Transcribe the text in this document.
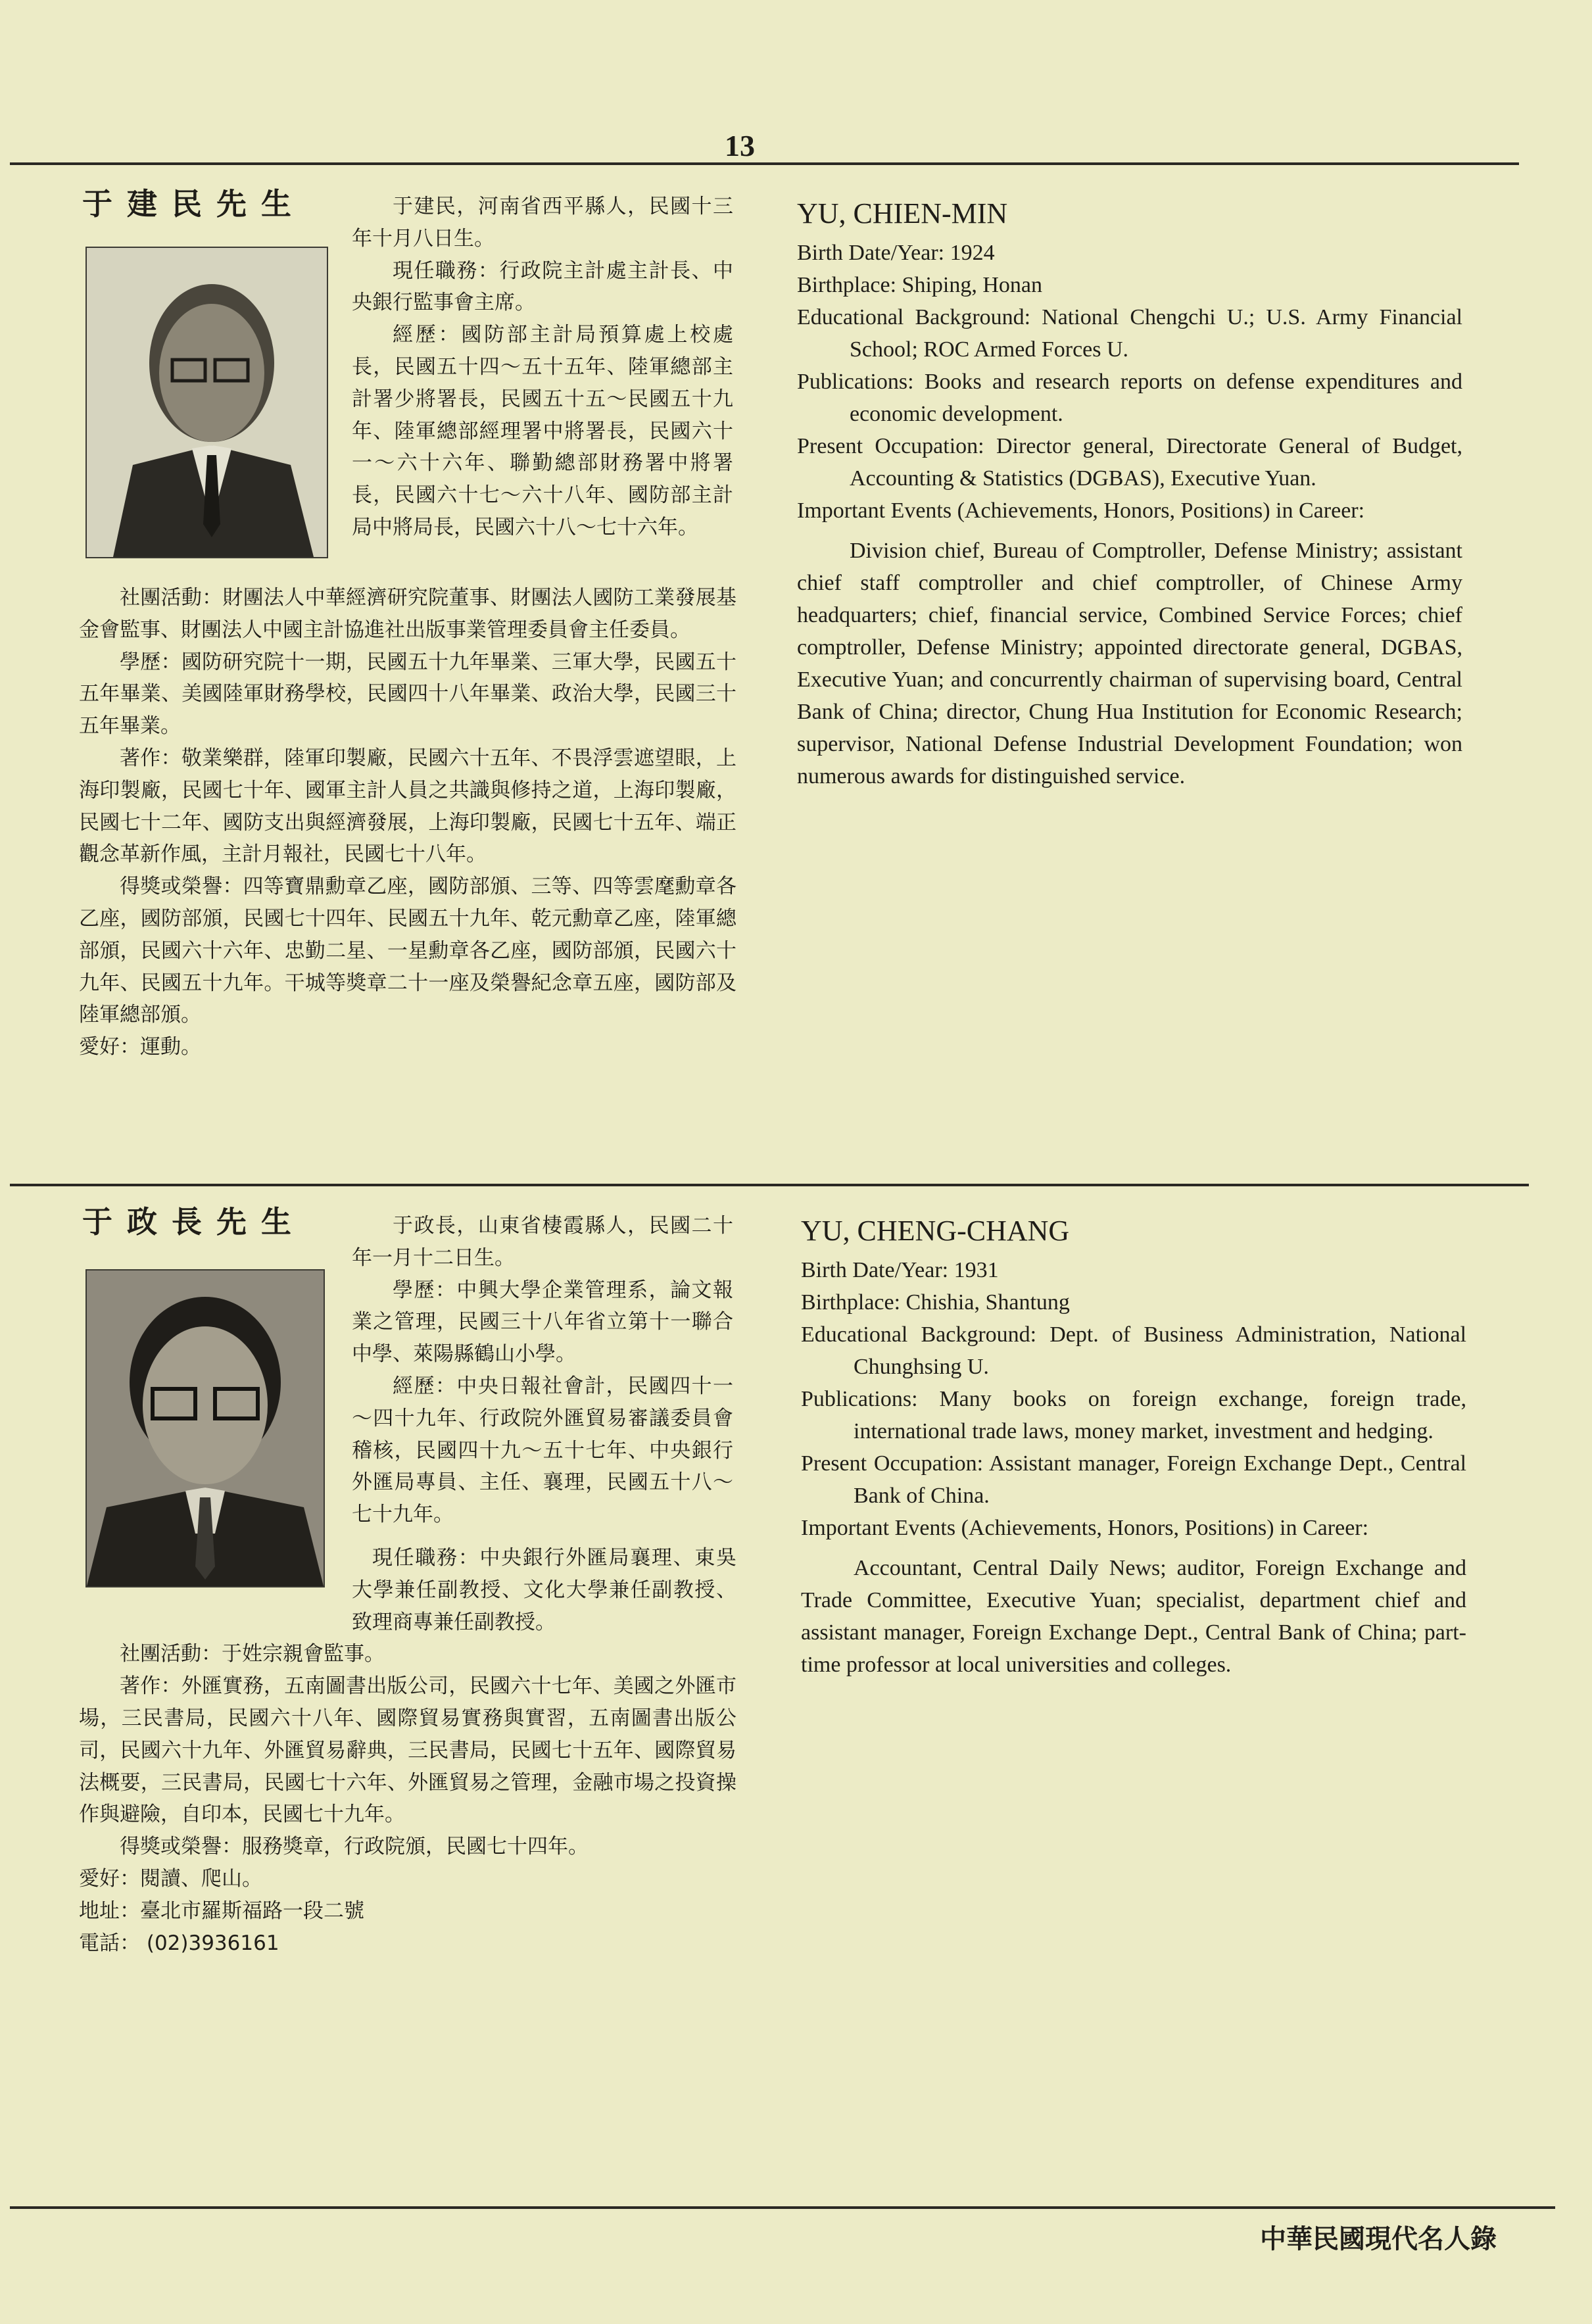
13
于建民先生	于建民，河南省西平縣人，民國十三年十月八日生。

現任職務：行政院主計處主計長、中央銀行監事會主席。

經歷：國防部主計局預算處上校處長，民國五十四～五十五年、陸軍總部主計署少將署長，民國五十五～民國五十九年、陸軍總部經理署中將署長，民國六十一～六十六年、聯勤總部財務署中將署長，民國六十七～六十八年、國防部主計局中將局長，民國六十八～七十六年。

社團活動：財團法人中華經濟研究院董事、財團法人國防工業發展基金會監事、財團法人中國主計協進社出版事業管理委員會主任委員。

學歷：國防研究院十一期，民國五十九年畢業、三軍大學，民國五十五年畢業、美國陸軍財務學校，民國四十八年畢業、政治大學，民國三十五年畢業。

著作：敬業樂群，陸軍印製廠，民國六十五年、不畏浮雲遮望眼，上海印製廠，民國七十年、國軍主計人員之共識與修持之道，上海印製廠，民國七十二年、國防支出與經濟發展，上海印製廠，民國七十五年、端正觀念革新作風，主計月報社，民國七十八年。

得獎或榮譽：四等寶鼎勳章乙座，國防部頒、三等、四等雲麾勳章各乙座，國防部頒，民國七十四年、民國五十九年、乾元勳章乙座，陸軍總部頒，民國六十六年、忠勤二星、一星勳章各乙座，國防部頒，民國六十九年、民國五十九年。干城等獎章二十一座及榮譽紀念章五座，國防部及陸軍總部頒。

愛好：運動。

YU, CHIEN-MIN

Birth Date/Year: 1924

Birthplace: Shiping, Honan

Educational Background: National Chengchi U.; U.S. Army Financial School; ROC Armed Forces U.

Publications: Books and research reports on defense expenditures and economic development.

Present Occupation: Director general, Directorate General of Budget, Accounting & Statistics (DGBAS), Executive Yuan.

Important Events (Achievements, Honors, Positions) in Career:

Division chief, Bureau of Comptroller, Defense Ministry; assistant chief staff comptroller and chief comptroller, of Chinese Army headquarters; chief, financial service, Combined Service Forces; chief comptroller, Defense Ministry; appointed directorate general, DGBAS, Executive Yuan; and concurrently chairman of supervising board, Central Bank of China; director, Chung Hua Institution for Economic Research; supervisor, National Defense Industrial Development Foundation; won numerous awards for distinguished service.

于政長先生	于政長，山東省棲霞縣人，民國二十年一月十二日生。

學歷：中興大學企業管理系，論文報業之管理，民國三十八年省立第十一聯合中學、萊陽縣鶴山小學。

經歷：中央日報社會計，民國四十一～四十九年、行政院外匯貿易審議委員會稽核，民國四十九～五十七年、中央銀行外匯局專員、主任、襄理，民國五十八～七十九年。

現任職務：中央銀行外匯局襄理、東吳大學兼任副教授、文化大學兼任副教授、致理商專兼任副教授。

社團活動：于姓宗親會監事。

著作：外匯實務，五南圖書出版公司，民國六十七年、美國之外匯市場，三民書局，民國六十八年、國際貿易實務與實習，五南圖書出版公司，民國六十九年、外匯貿易辭典，三民書局，民國七十五年、國際貿易法概要，三民書局，民國七十六年、外匯貿易之管理，金融市場之投資操作與避險，自印本，民國七十九年。

得獎或榮譽：服務獎章，行政院頒，民國七十四年。

愛好：閱讀、爬山。

地址：臺北市羅斯福路一段二號

電話： (02)3936161

YU, CHENG-CHANG

Birth Date/Year: 1931

Birthplace: Chishia, Shantung

Educational Background: Dept. of Business Administration, National Chunghsing U.

Publications: Many books on foreign exchange, foreign trade, international trade laws, money market, investment and hedging.

Present Occupation: Assistant manager, Foreign Exchange Dept., Central Bank of China.

Important Events (Achievements, Honors, Positions) in Career:

Accountant, Central Daily News; auditor, Foreign Exchange and Trade Committee, Executive Yuan; specialist, department chief and assistant manager, Foreign Exchange Dept., Central Bank of China; part-time professor at local universities and colleges.

中華民國現代名人錄
